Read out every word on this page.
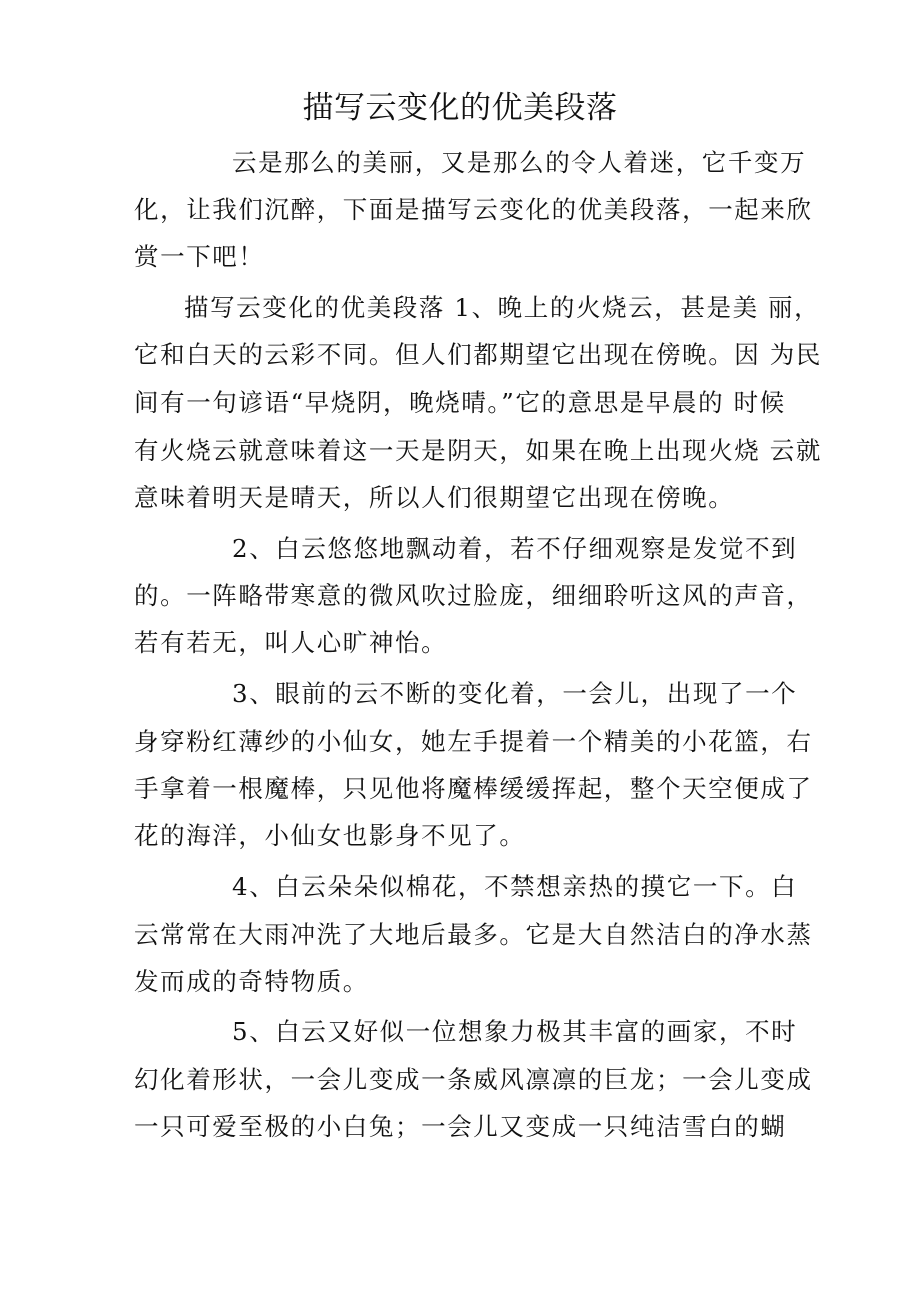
描写云变化的优美段落
云是那么的美丽，又是那么的令人着迷，它千变万
化，让我们沉醉，下面是描写云变化的优美段落，一起来欣
赏一下吧！
描写云变化的优美段落 1、晚上的火烧云，甚是美 丽，
它和白天的云彩不同。但人们都期望它出现在傍晚。因 为民
间有一句谚语“早烧阴，晚烧晴。”它的意思是早晨的 时候
有火烧云就意味着这一天是阴天，如果在晚上出现火烧 云就
意味着明天是晴天，所以人们很期望它出现在傍晚。
2、白云悠悠地飘动着，若不仔细观察是发觉不到
的。一阵略带寒意的微风吹过脸庞，细细聆听这风的声音，
若有若无，叫人心旷神怡。
3、眼前的云不断的变化着，一会儿，出现了一个
身穿粉红薄纱的小仙女，她左手提着一个精美的小花篮，右
手拿着一根魔棒，只见他将魔棒缓缓挥起，整个天空便成了
花的海洋，小仙女也影身不见了。
4、白云朵朵似棉花，不禁想亲热的摸它一下。白
云常常在大雨冲洗了大地后最多。它是大自然洁白的净水蒸
发而成的奇特物质。
5、白云又好似一位想象力极其丰富的画家，不时
幻化着形状，一会儿变成一条威风凛凛的巨龙；一会儿变成
一只可爱至极的小白兔；一会儿又变成一只纯洁雪白的蝴
